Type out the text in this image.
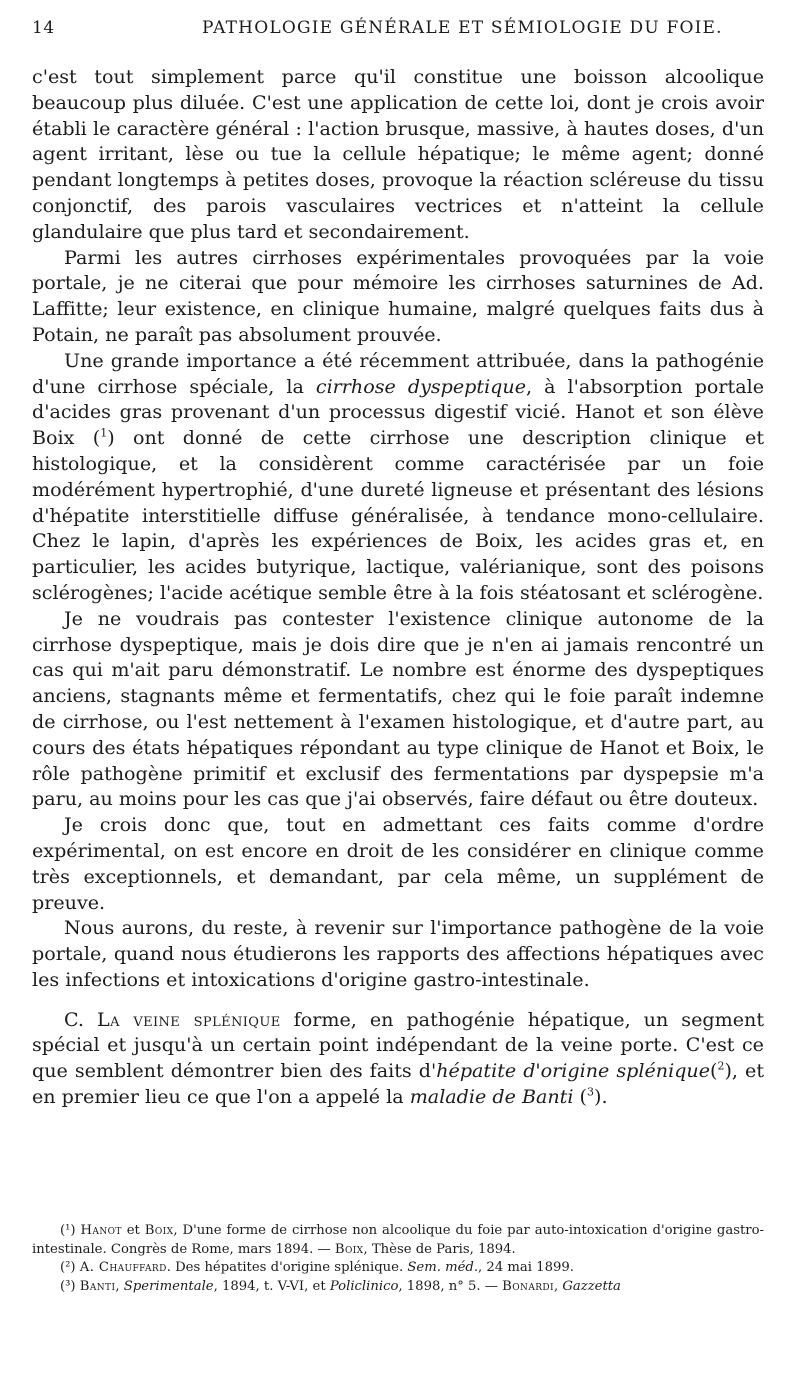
14	PATHOLOGIE GÉNÉRALE ET SÉMIOLOGIE DU FOIE.

c'est tout simplement parce qu'il constitue une boisson alcoolique beaucoup plus diluée. C'est une application de cette loi, dont je crois avoir établi le caractère général : l'action brusque, massive, à hautes doses, d'un agent irritant, lèse ou tue la cellule hépatique; le même agent; donné pendant longtemps à petites doses, provoque la réaction scléreuse du tissu conjonctif, des parois vasculaires vectrices et n'atteint la cellule glandulaire que plus tard et secondairement.

Parmi les autres cirrhoses expérimentales provoquées par la voie portale, je ne citerai que pour mémoire les cirrhoses saturnines de Ad. Laffitte; leur existence, en clinique humaine, malgré quelques faits dus à Potain, ne paraît pas absolument prouvée.

Une grande importance a été récemment attribuée, dans la pathogénie d'une cirrhose spéciale, la cirrhose dyspeptique, à l'absorption portale d'acides gras provenant d'un processus digestif vicié. Hanot et son élève Boix ($^1$) ont donné de cette cirrhose une description clinique et histologique, et la considèrent comme caractérisée par un foie modérément hypertrophié, d'une dureté ligneuse et présentant des lésions d'hépatite interstitielle diffuse généralisée, à tendance mono-cellulaire. Chez le lapin, d'après les expériences de Boix, les acides gras et, en particulier, les acides butyrique, lactique, valérianique, sont des poisons sclérogènes; l'acide acétique semble être à la fois stéatosant et sclérogène.

Je ne voudrais pas contester l'existence clinique autonome de la cirrhose dyspeptique, mais je dois dire que je n'en ai jamais rencontré un cas qui m'ait paru démonstratif. Le nombre est énorme des dyspeptiques anciens, stagnants même et fermentatifs, chez qui le foie paraît indemne de cirrhose, ou l'est nettement à l'examen histologique, et d'autre part, au cours des états hépatiques répondant au type clinique de Hanot et Boix, le rôle pathogène primitif et exclusif des fermentations par dyspepsie m'a paru, au moins pour les cas que j'ai observés, faire défaut ou être douteux.

Je crois donc que, tout en admettant ces faits comme d'ordre expérimental, on est encore en droit de les considérer en clinique comme très exceptionnels, et demandant, par cela même, un supplément de preuve.

Nous aurons, du reste, à revenir sur l'importance pathogène de la voie portale, quand nous étudierons les rapports des affections hépatiques avec les infections et intoxications d'origine gastro-intestinale.

C. La veine splénique forme, en pathogénie hépatique, un segment spécial et jusqu'à un certain point indépendant de la veine porte. C'est ce que semblent démontrer bien des faits d'hépatite d'origine splénique($^2$), et en premier lieu ce que l'on a appelé la maladie de Banti ($^3$).

(¹) Hanot et Boix, D'une forme de cirrhose non alcoolique du foie par auto-intoxication d'origine gastro-intestinale. Congrès de Rome, mars 1894. — Boix, Thèse de Paris, 1894.

(²) A. Chauffard. Des hépatites d'origine splénique. Sem. méd., 24 mai 1899.

(³) Banti, Sperimentale, 1894, t. V-VI, et Policlinico, 1898, n° 5. — Bonardi, Gazzetta
